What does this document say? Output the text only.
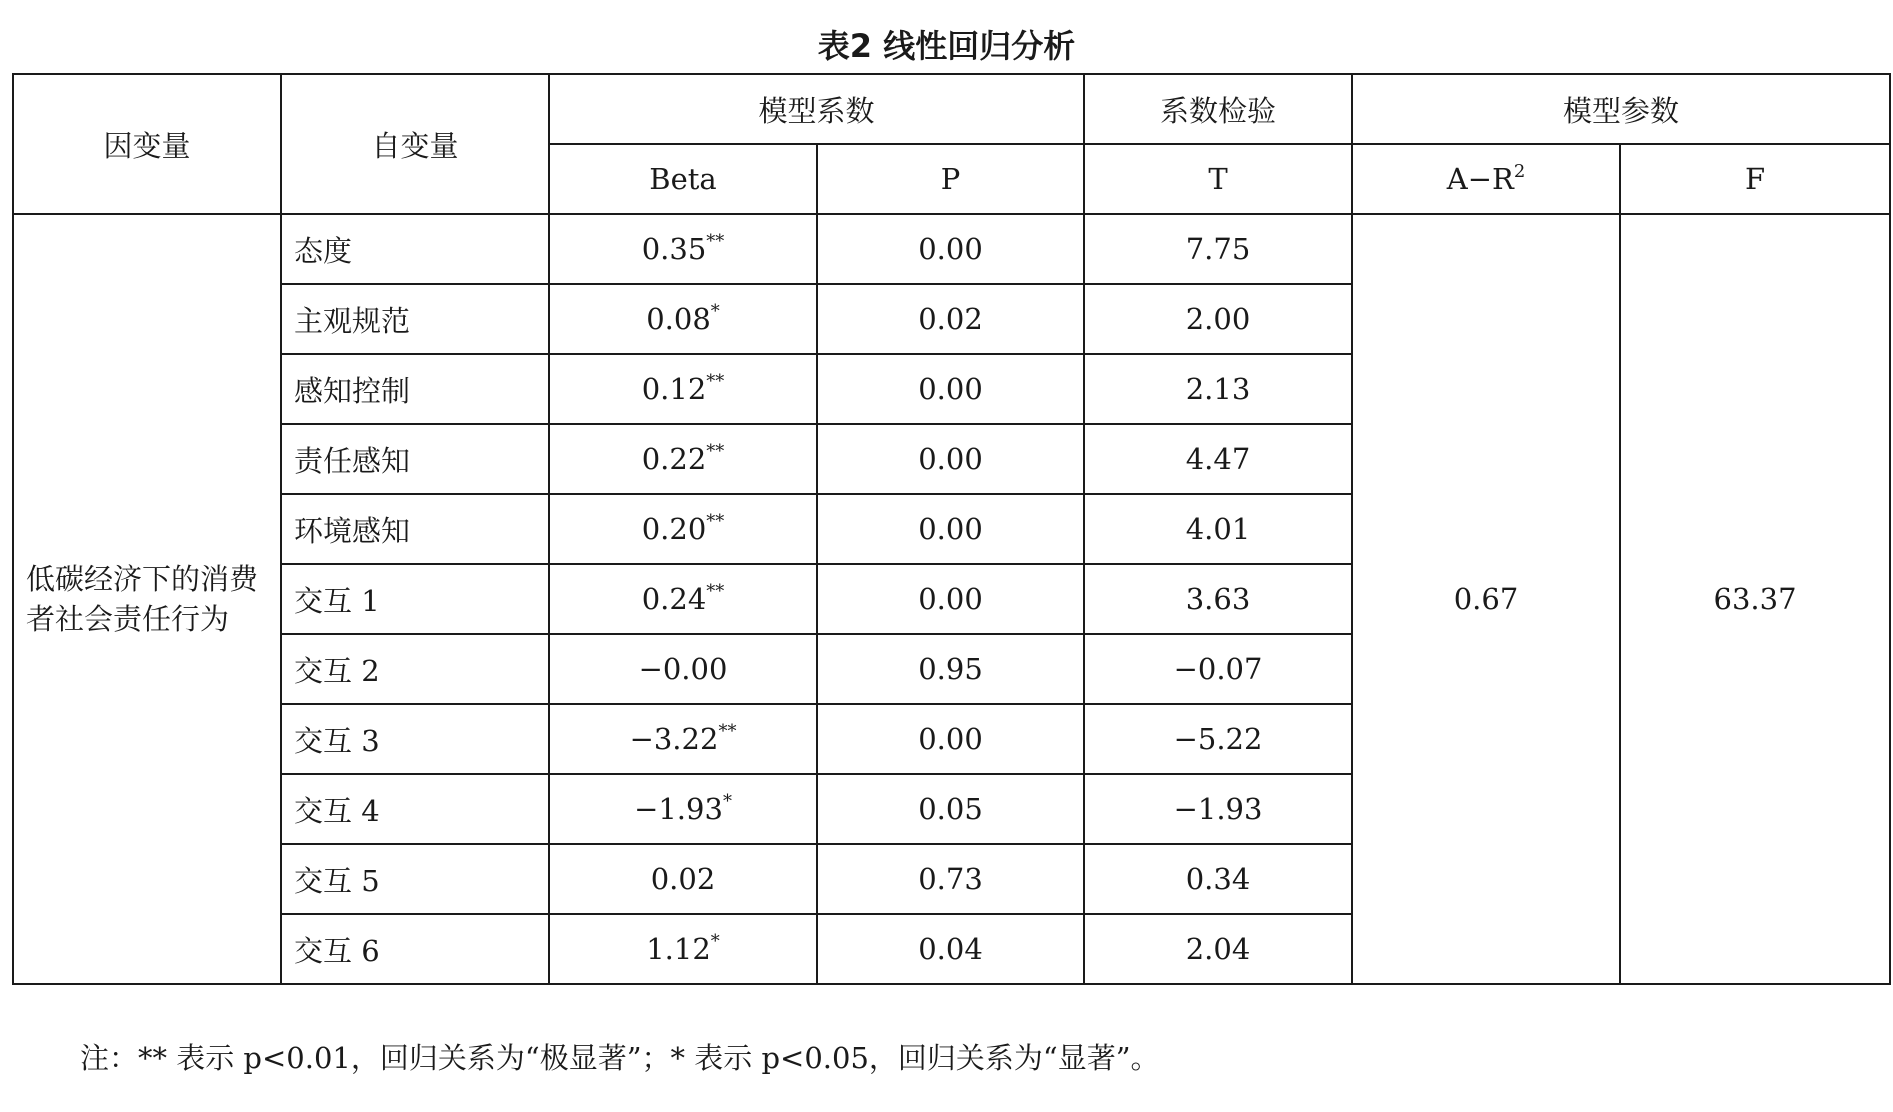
表2 线性回归分析
因变量	自变量	模型系数		系数检验	模型参数	
		Beta	P	T	$A-R^2$	F
低碳经济下的消费者社会责任行为	态度	0.35**	0.00	7.75	0.67	63.37
	主观规范	0.08*	0.02	2.00		
	感知控制	0.12**	0.00	2.13		
	责任感知	0.22**	0.00	4.47		
	环境感知	0.20**	0.00	4.01		
	交互 1	0.24**	0.00	3.63		
	交互 2	−0.00	0.95	−0.07		
	交互 3	−3.22**	0.00	−5.22		
	交互 4	−1.93*	0.05	−1.93		
	交互 5	0.02	0.73	0.34		
	交互 6	1.12*	0.04	2.04		
注：** 表示 p<0.01，回归关系为“极显著”；* 表示 p<0.05，回归关系为“显著”。
